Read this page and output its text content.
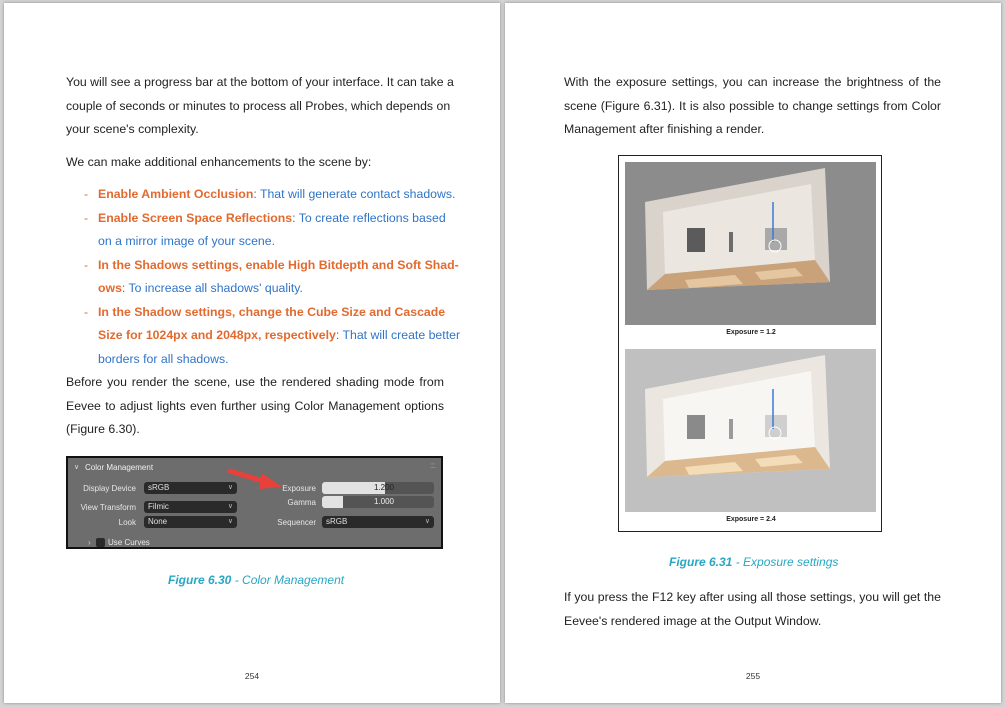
You will see a progress bar at the bottom of your interface. It can take a
couple of seconds or minutes to process all Probes, which depends on
your scene's complexity.
We can make additional enhancements to the scene by:
- Enable Ambient Occlusion: That will generate contact shadows.
- Enable Screen Space Reflections: To create reflections based
on a mirror image of your scene.
- In the Shadows settings, enable High Bitdepth and Soft Shad-
ows: To increase all shadows' quality.
- In the Shadow settings, change the Cube Size and Cascade
Size for 1024px and 2048px, respectively: That will create better
borders for all shadows.
Before you render the scene, use the rendered shading mode from
Eevee to adjust lights even further using Color Management options
(Figure 6.30).
∨ Color Management	::::
Display Device	sRGB	∨
View Transform	Filmic	∨
Look	None	∨
Exposure	1.200
Gamma	1.000
Sequencer	sRGB	∨
› Use Curves
Figure 6.30 - Color Management
254
With the exposure settings, you can increase the brightness of the
scene (Figure 6.31). It is also possible to change settings from Color
Management after finishing a render.
Exposure = 1.2
Exposure = 2.4
Figure 6.31 - Exposure settings
If you press the F12 key after using all those settings, you will get the
Eevee's rendered image at the Output Window.
255
